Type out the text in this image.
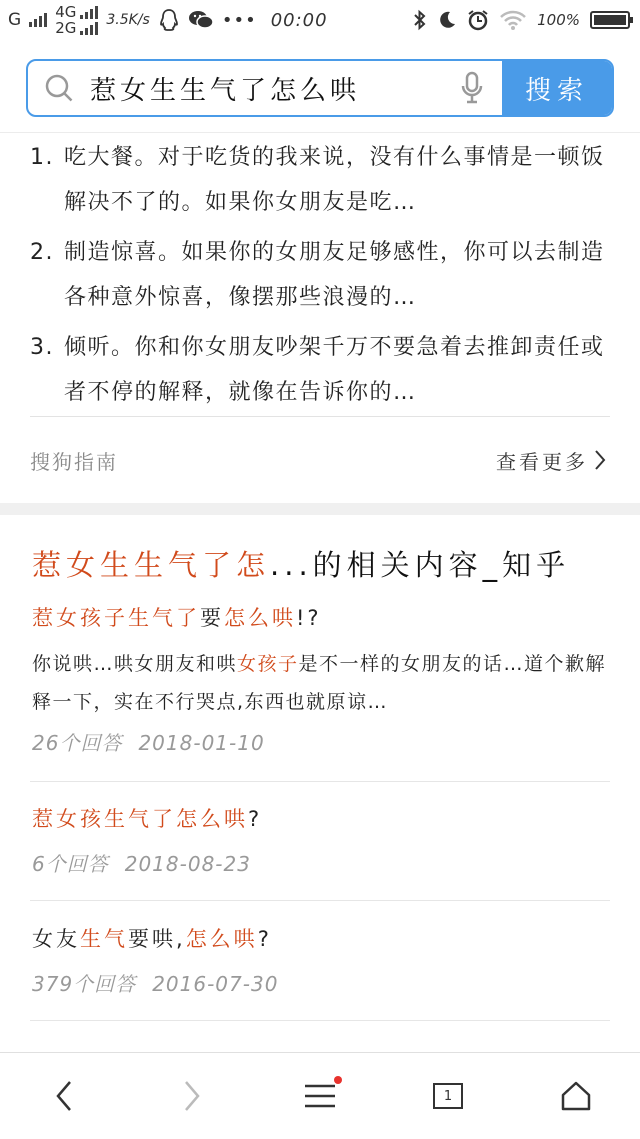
G 4G
2G 3.5K/s	••• 00:00	100%
惹女生生气了怎么哄	搜索
1. 吃大餐。对于吃货的我来说，没有什么事情是一顿饭解决不了的。如果你女朋友是吃…
2. 制造惊喜。如果你的女朋友足够感性，你可以去制造各种意外惊喜，像摆那些浪漫的…
3. 倾听。你和你女朋友吵架千万不要急着去推卸责任或者不停的解释，就像在告诉你的…
搜狗指南	查看更多
惹女生生气了怎...的相关内容_知乎
惹女孩子生气了要怎么哄!?
你说哄…哄女朋友和哄女孩子是不一样的女朋友的话…道个歉解释一下，实在不行哭点,东西也就原谅…
26个回答 2018-01-10
惹女孩生气了怎么哄?
6个回答 2018-08-23
女友生气要哄,怎么哄?
379个回答 2016-07-30
1
